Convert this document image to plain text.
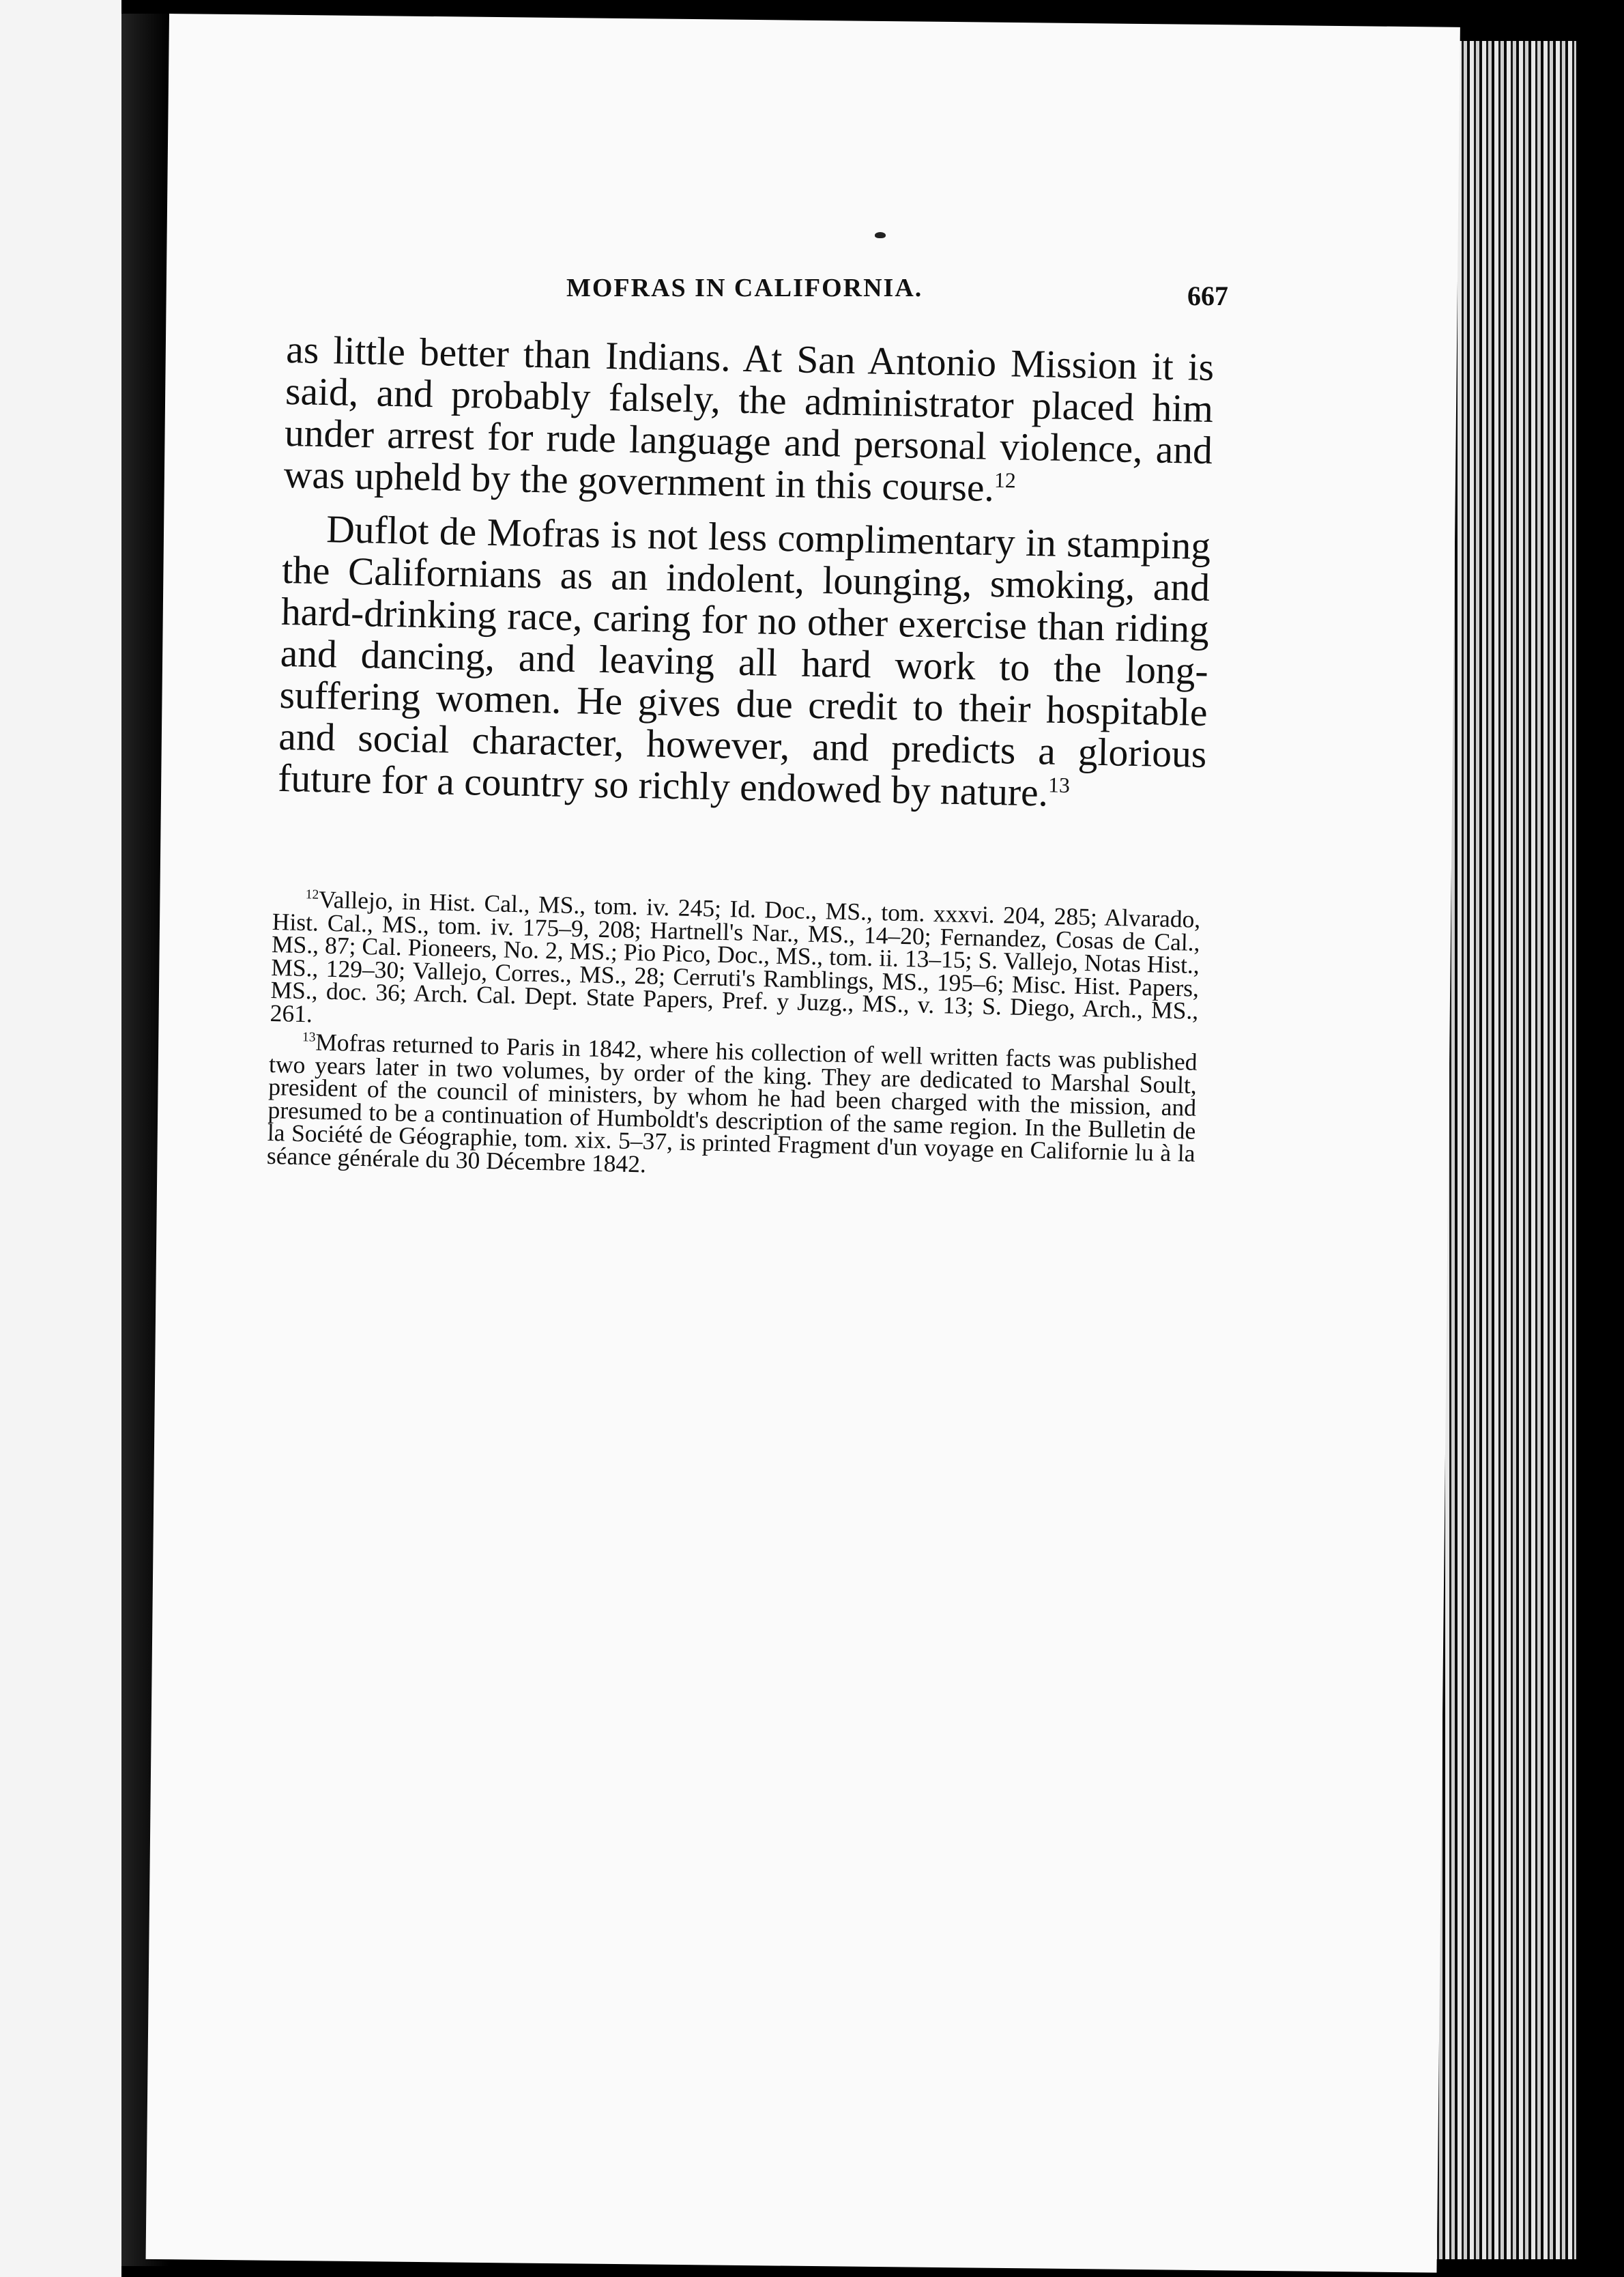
MOFRAS IN CALIFORNIA.	667

as little better than Indians. At San Antonio Mission it is said, and probably falsely, the administrator placed him under arrest for rude language and personal violence, and was upheld by the government in this course.$^{12}$

Duflot de Mofras is not less complimentary in stamping the Californians as an indolent, lounging, smoking, and hard-drinking race, caring for no other exercise than riding and dancing, and leaving all hard work to the long-suffering women. He gives due credit to their hospitable and social character, however, and predicts a glorious future for a country so richly endowed by nature.$^{13}$

$^{12}$Vallejo, in Hist. Cal., MS., tom. iv. 245; Id. Doc., MS., tom. xxxvi. 204, 285; Alvarado, Hist. Cal., MS., tom. iv. 175–9, 208; Hartnell's Nar., MS., 14–20; Fernandez, Cosas de Cal., MS., 87; Cal. Pioneers, No. 2, MS.; Pio Pico, Doc., MS., tom. ii. 13–15; S. Vallejo, Notas Hist., MS., 129–30; Vallejo, Corres., MS., 28; Cerruti's Ramblings, MS., 195–6; Misc. Hist. Papers, MS., doc. 36; Arch. Cal. Dept. State Papers, Pref. y Juzg., MS., v. 13; S. Diego, Arch., MS., 261.

$^{13}$Mofras returned to Paris in 1842, where his collection of well written facts was published two years later in two volumes, by order of the king. They are dedicated to Marshal Soult, president of the council of ministers, by whom he had been charged with the mission, and presumed to be a continuation of Humboldt's description of the same region. In the Bulletin de la Société de Géographie, tom. xix. 5–37, is printed Fragment d'un voyage en Californie lu à la séance générale du 30 Décembre 1842.
